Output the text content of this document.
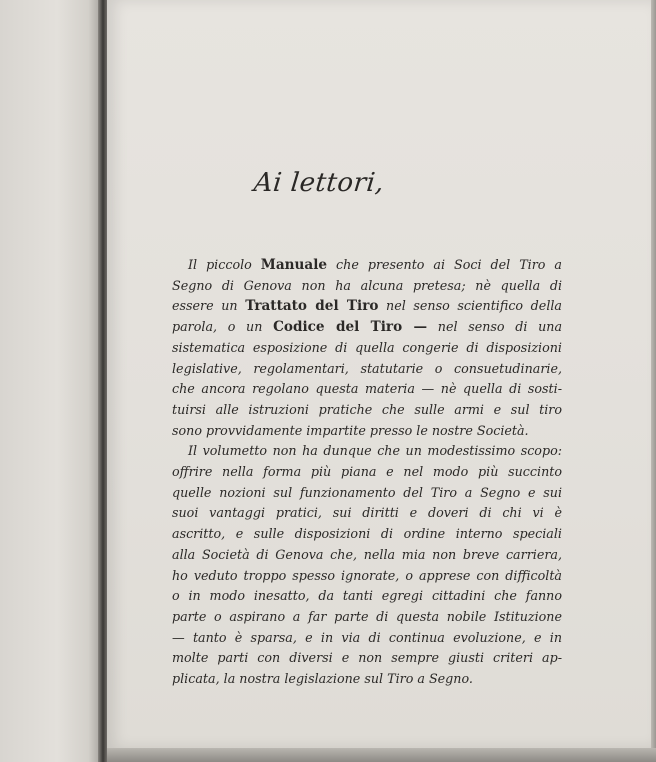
Ai lettori,
Il piccolo Manuale che presento ai Soci del Tiro a
Segno di Genova non ha alcuna pretesa; nè quella di
essere un Trattato del Tiro nel senso scientifico della
parola, o un Codice del Tiro — nel senso di una
sistematica esposizione di quella congerie di disposizioni
legislative, regolamentari, statutarie o consuetudinarie,
che ancora regolano questa materia — nè quella di sosti-
tuirsi alle istruzioni pratiche che sulle armi e sul tiro
sono provvidamente impartite presso le nostre Società.
Il volumetto non ha dunque che un modestissimo scopo:
offrire nella forma più piana e nel modo più succinto
quelle nozioni sul funzionamento del Tiro a Segno e sui
suoi vantaggi pratici, sui diritti e doveri di chi vi è
ascritto, e sulle disposizioni di ordine interno speciali
alla Società di Genova che, nella mia non breve carriera,
ho veduto troppo spesso ignorate, o apprese con difficoltà
o in modo inesatto, da tanti egregi cittadini che fanno
parte o aspirano a far parte di questa nobile Istituzione
— tanto è sparsa, e in via di continua evoluzione, e in
molte parti con diversi e non sempre giusti criteri ap-
plicata, la nostra legislazione sul Tiro a Segno.
